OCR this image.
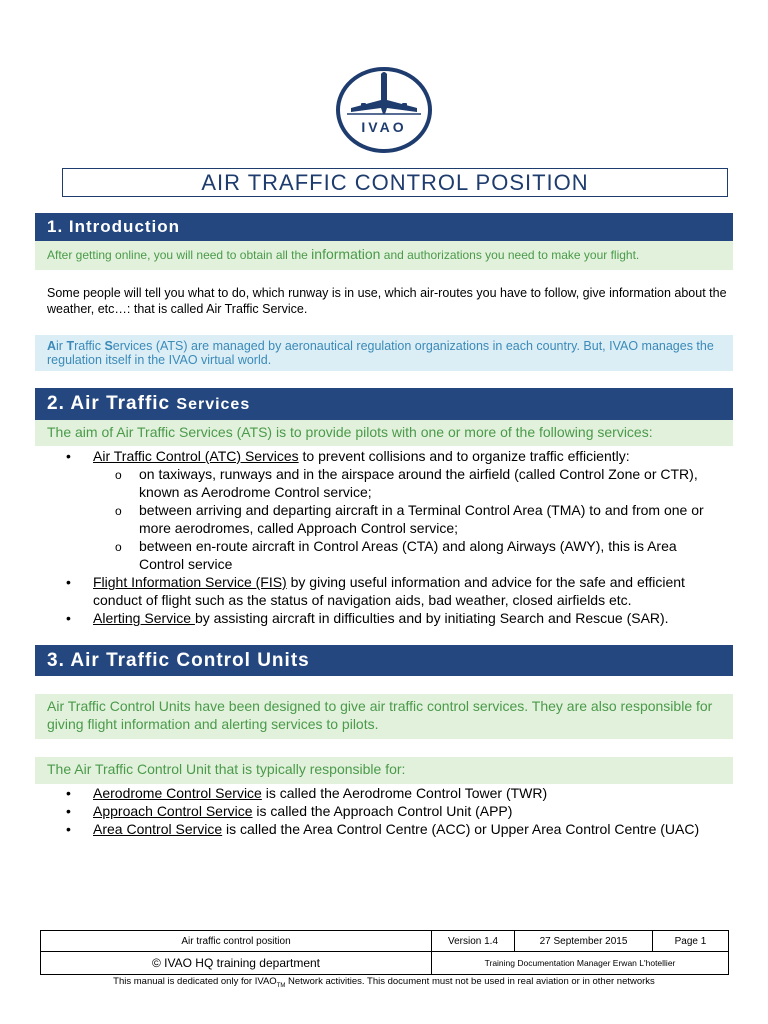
IVAO
AIR TRAFFIC CONTROL POSITION
1. Introduction
After getting online, you will need to obtain all the information and authorizations you need to make your flight.
Some people will tell you what to do, which runway is in use, which air-routes you have to follow, give information about the weather, etc…: that is called Air Traffic Service.
Air Traffic Services (ATS) are managed by aeronautical regulation organizations in each country. But, IVAO manages the regulation itself in the IVAO virtual world.
2. Air Traffic Services
The aim of Air Traffic Services (ATS) is to provide pilots with one or more of the following services:
• Air Traffic Control (ATC) Services to prevent collisions and to organize traffic efficiently:
o on taxiways, runways and in the airspace around the airfield (called Control Zone or CTR), known as Aerodrome Control service;
o between arriving and departing aircraft in a Terminal Control Area (TMA) to and from one or more aerodromes, called Approach Control service;
o between en-route aircraft in Control Areas (CTA) and along Airways (AWY), this is Area Control service
• Flight Information Service (FIS) by giving useful information and advice for the safe and efficient conduct of flight such as the status of navigation aids, bad weather, closed airfields etc.
• Alerting Service by assisting aircraft in difficulties and by initiating Search and Rescue (SAR).
3. Air Traffic Control Units
Air Traffic Control Units have been designed to give air traffic control services. They are also responsible for giving flight information and alerting services to pilots.
The Air Traffic Control Unit that is typically responsible for:
• Aerodrome Control Service is called the Aerodrome Control Tower (TWR)
• Approach Control Service is called the Approach Control Unit (APP)
• Area Control Service is called the Area Control Centre (ACC) or Upper Area Control Centre (UAC)
Air traffic control position	Version 1.4	27 September 2015	Page 1
© IVAO HQ training department	Training Documentation Manager Erwan L'hotellier		
This manual is dedicated only for $IVAO_{TM}$ Network activities. This document must not be used in real aviation or in other networks
